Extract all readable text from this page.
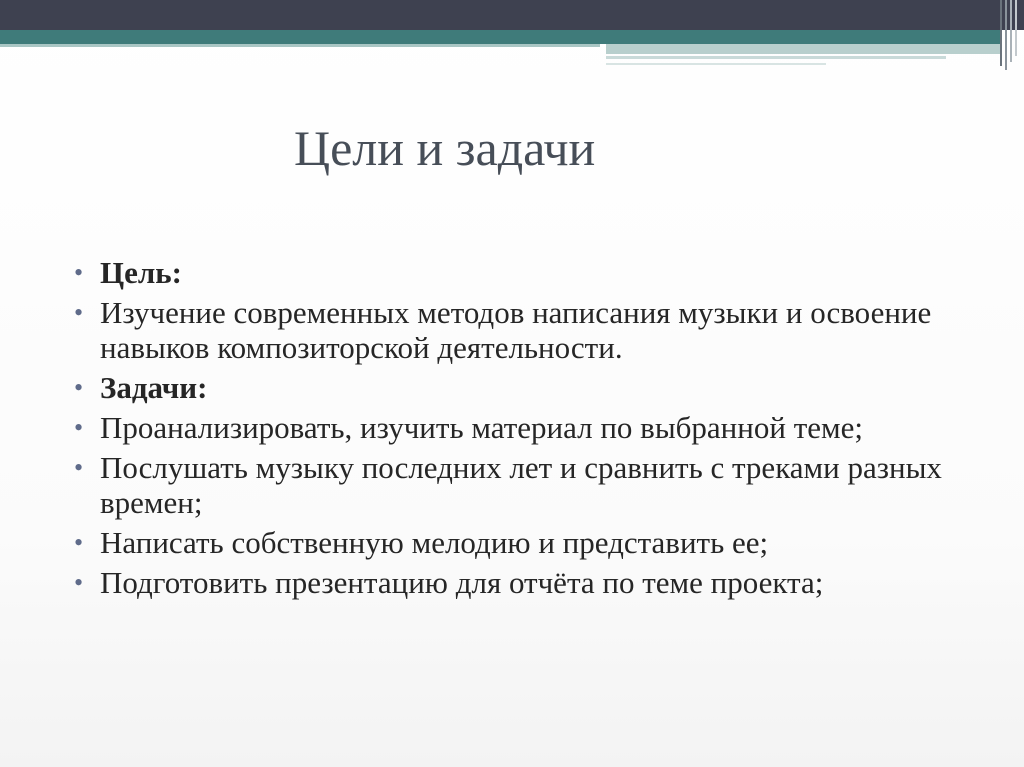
Цели и задачи
• Цель:
• Изучение современных методов написания музыки и освоение навыков композиторской деятельности.
• Задачи:
• Проанализировать, изучить материал по выбранной теме;
• Послушать музыку последних лет и сравнить с треками разных времен;
• Написать собственную мелодию и представить ее;
• Подготовить презентацию для отчёта по теме проекта;
